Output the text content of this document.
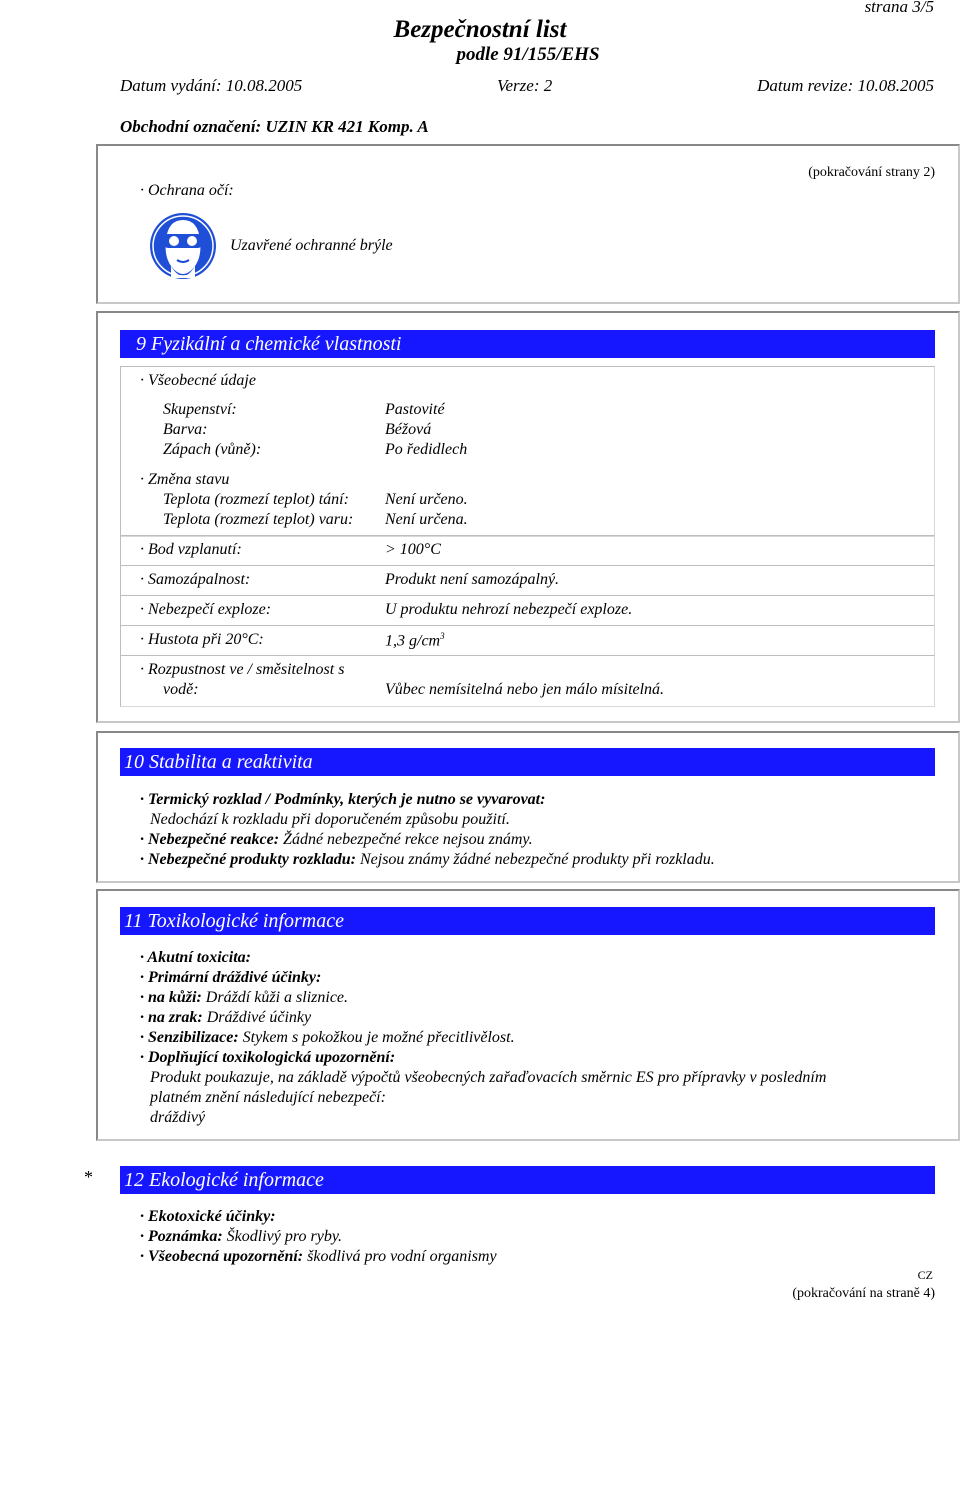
strana 3/5
Bezpečnostní list
podle 91/155/EHS
Datum vydání: 10.08.2005	Verze: 2	Datum revize: 10.08.2005
Obchodní označení: UZIN KR 421 Komp. A
· Ochrana očí:
(pokračování strany 2)
Uzavřené ochranné brýle
9 Fyzikální a chemické vlastnosti
· Všeobecné údaje
Skupenství:	Pastovité
Barva:	Béžová
Zápach (vůně):	Po ředidlech
· Změna stavu
Teplota (rozmezí teplot) tání: Není určeno.
Teplota (rozmezí teplot) varu: Není určena.
· Bod vzplanutí:	> 100°C
· Samozápalnost:	Produkt není samozápalný.
· Nebezpečí exploze:	U produktu nehrozí nebezpečí exploze.
· Hustota při 20°C:	1,3 $g/cm^3$
· Rozpustnost ve / směsitelnost s
vodě:	Vůbec nemísitelná nebo jen málo mísitelná.
10 Stabilita a reaktivita
· Termický rozklad / Podmínky, kterých je nutno se vyvarovat:
Nedochází k rozkladu při doporučeném způsobu použití.
· Nebezpečné reakce: Žádné nebezpečné rekce nejsou známy.
· Nebezpečné produkty rozkladu: Nejsou známy žádné nebezpečné produkty při rozkladu.
11 Toxikologické informace
· Akutní toxicita:
· Primární dráždivé účinky:
· na kůži: Dráždí kůži a sliznice.
· na zrak: Dráždivé účinky
· Senzibilizace: Stykem s pokožkou je možné přecitlivělost.
· Doplňující toxikologická upozornění:
Produkt poukazuje, na základě výpočtů všeobecných zařaďovacích směrnic ES pro přípravky v posledním
platném znění následující nebezpečí:
dráždivý
* 12 Ekologické informace
· Ekotoxické účinky:
· Poznámka: Škodlivý pro ryby.
· Všeobecná upozornění: škodlivá pro vodní organismy
CZ
(pokračování na straně 4)
